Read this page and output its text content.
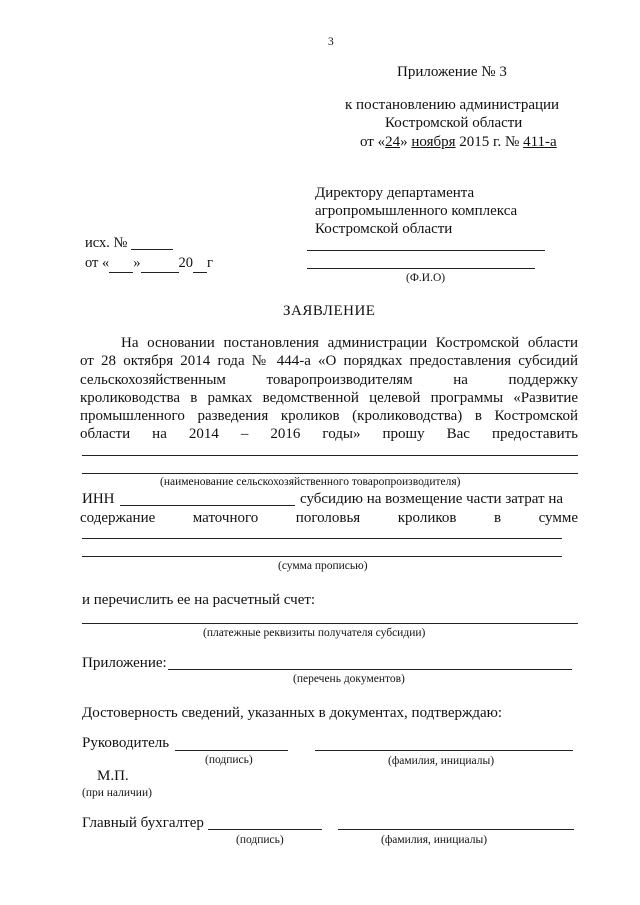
3
Приложение № 3
к постановлению администрации
Костромской области
от «24» ноября 2015 г. № 411-а
Директору департамента
агропромышленного комплекса
Костромской области
(Ф.И.О)
исх. №
от « »	20 г
ЗАЯВЛЕНИЕ
На основании постановления администрации Костромской области
от 28 октября 2014 года № 444-а «О порядках предоставления субсидий
сельскохозяйственным товаропроизводителям на поддержку
кролиководства в рамках ведомственной целевой программы «Развитие
промышленного разведения кроликов (кролиководства) в Костромской
области на 2014 – 2016 годы» прошу Вас предоставить
(наименование сельскохозяйственного товаропроизводителя)
ИНН	субсидию на возмещение части затрат на
содержание маточного поголовья кроликов в сумме
(сумма прописью)
и перечислить ее на расчетный счет:
(платежные реквизиты получателя субсидии)
Приложение:
(перечень документов)
Достоверность сведений, указанных в документах, подтверждаю:
Руководитель
(подпись)	(фамилия, инициалы)
М.П.
(при наличии)
Главный бухгалтер
(подпись)	(фамилия, инициалы)
